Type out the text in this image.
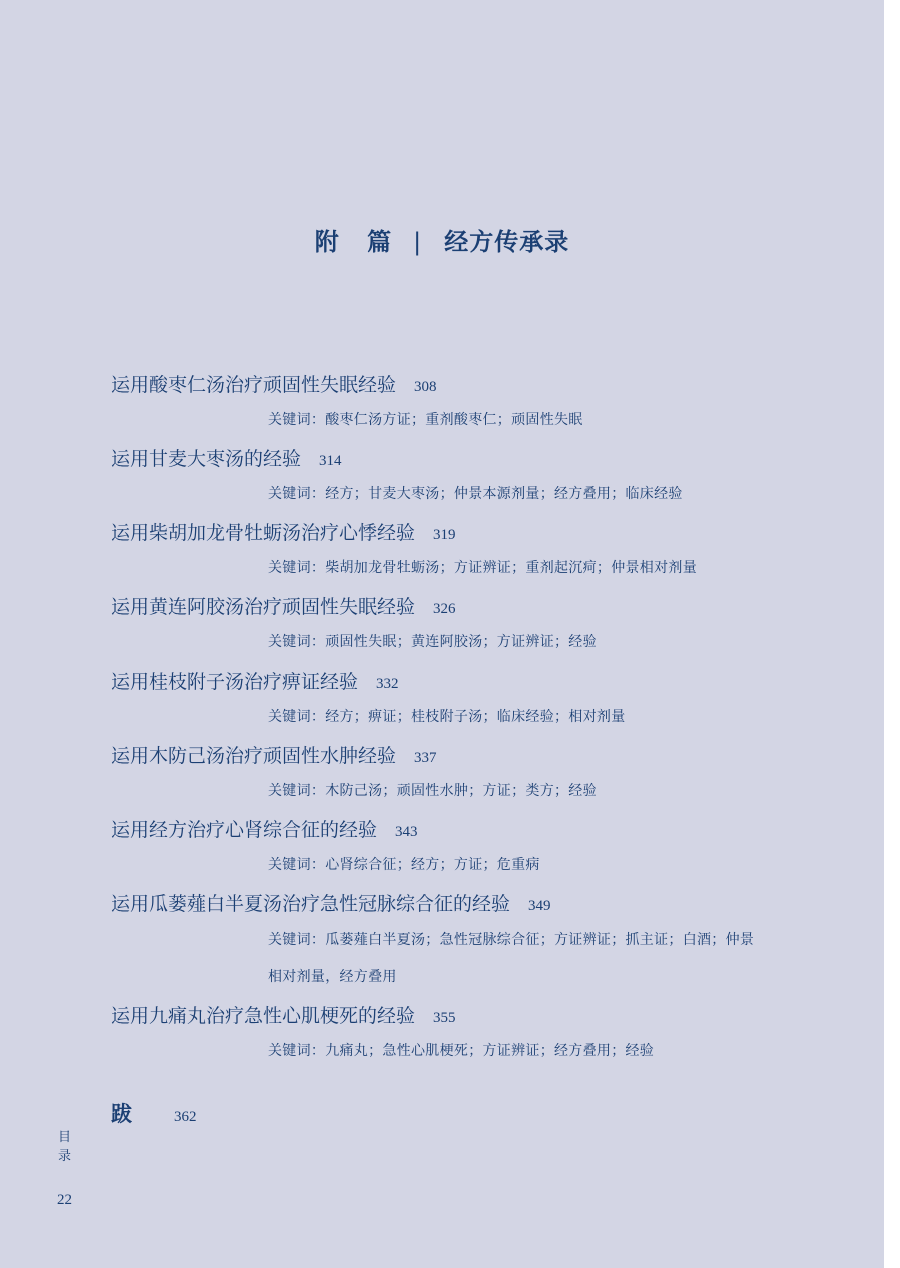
附 篇 | 经方传承录
运用酸枣仁汤治疗顽固性失眠经验 308
关键词：酸枣仁汤方证；重剂酸枣仁；顽固性失眠
运用甘麦大枣汤的经验 314
关键词：经方；甘麦大枣汤；仲景本源剂量；经方叠用；临床经验
运用柴胡加龙骨牡蛎汤治疗心悸经验 319
关键词：柴胡加龙骨牡蛎汤；方证辨证；重剂起沉疴；仲景相对剂量
运用黄连阿胶汤治疗顽固性失眠经验 326
关键词：顽固性失眠；黄连阿胶汤；方证辨证；经验
运用桂枝附子汤治疗痹证经验 332
关键词：经方；痹证；桂枝附子汤；临床经验；相对剂量
运用木防己汤治疗顽固性水肿经验 337
关键词：木防己汤；顽固性水肿；方证；类方；经验
运用经方治疗心肾综合征的经验 343
关键词：心肾综合征；经方；方证；危重病
运用瓜蒌薤白半夏汤治疗急性冠脉综合征的经验 349
关键词：瓜蒌薤白半夏汤；急性冠脉综合征；方证辨证；抓主证；白酒；仲景相对剂量，经方叠用
运用九痛丸治疗急性心肌梗死的经验 355
关键词：九痛丸；急性心肌梗死；方证辨证；经方叠用；经验
跋	362
目录
22
